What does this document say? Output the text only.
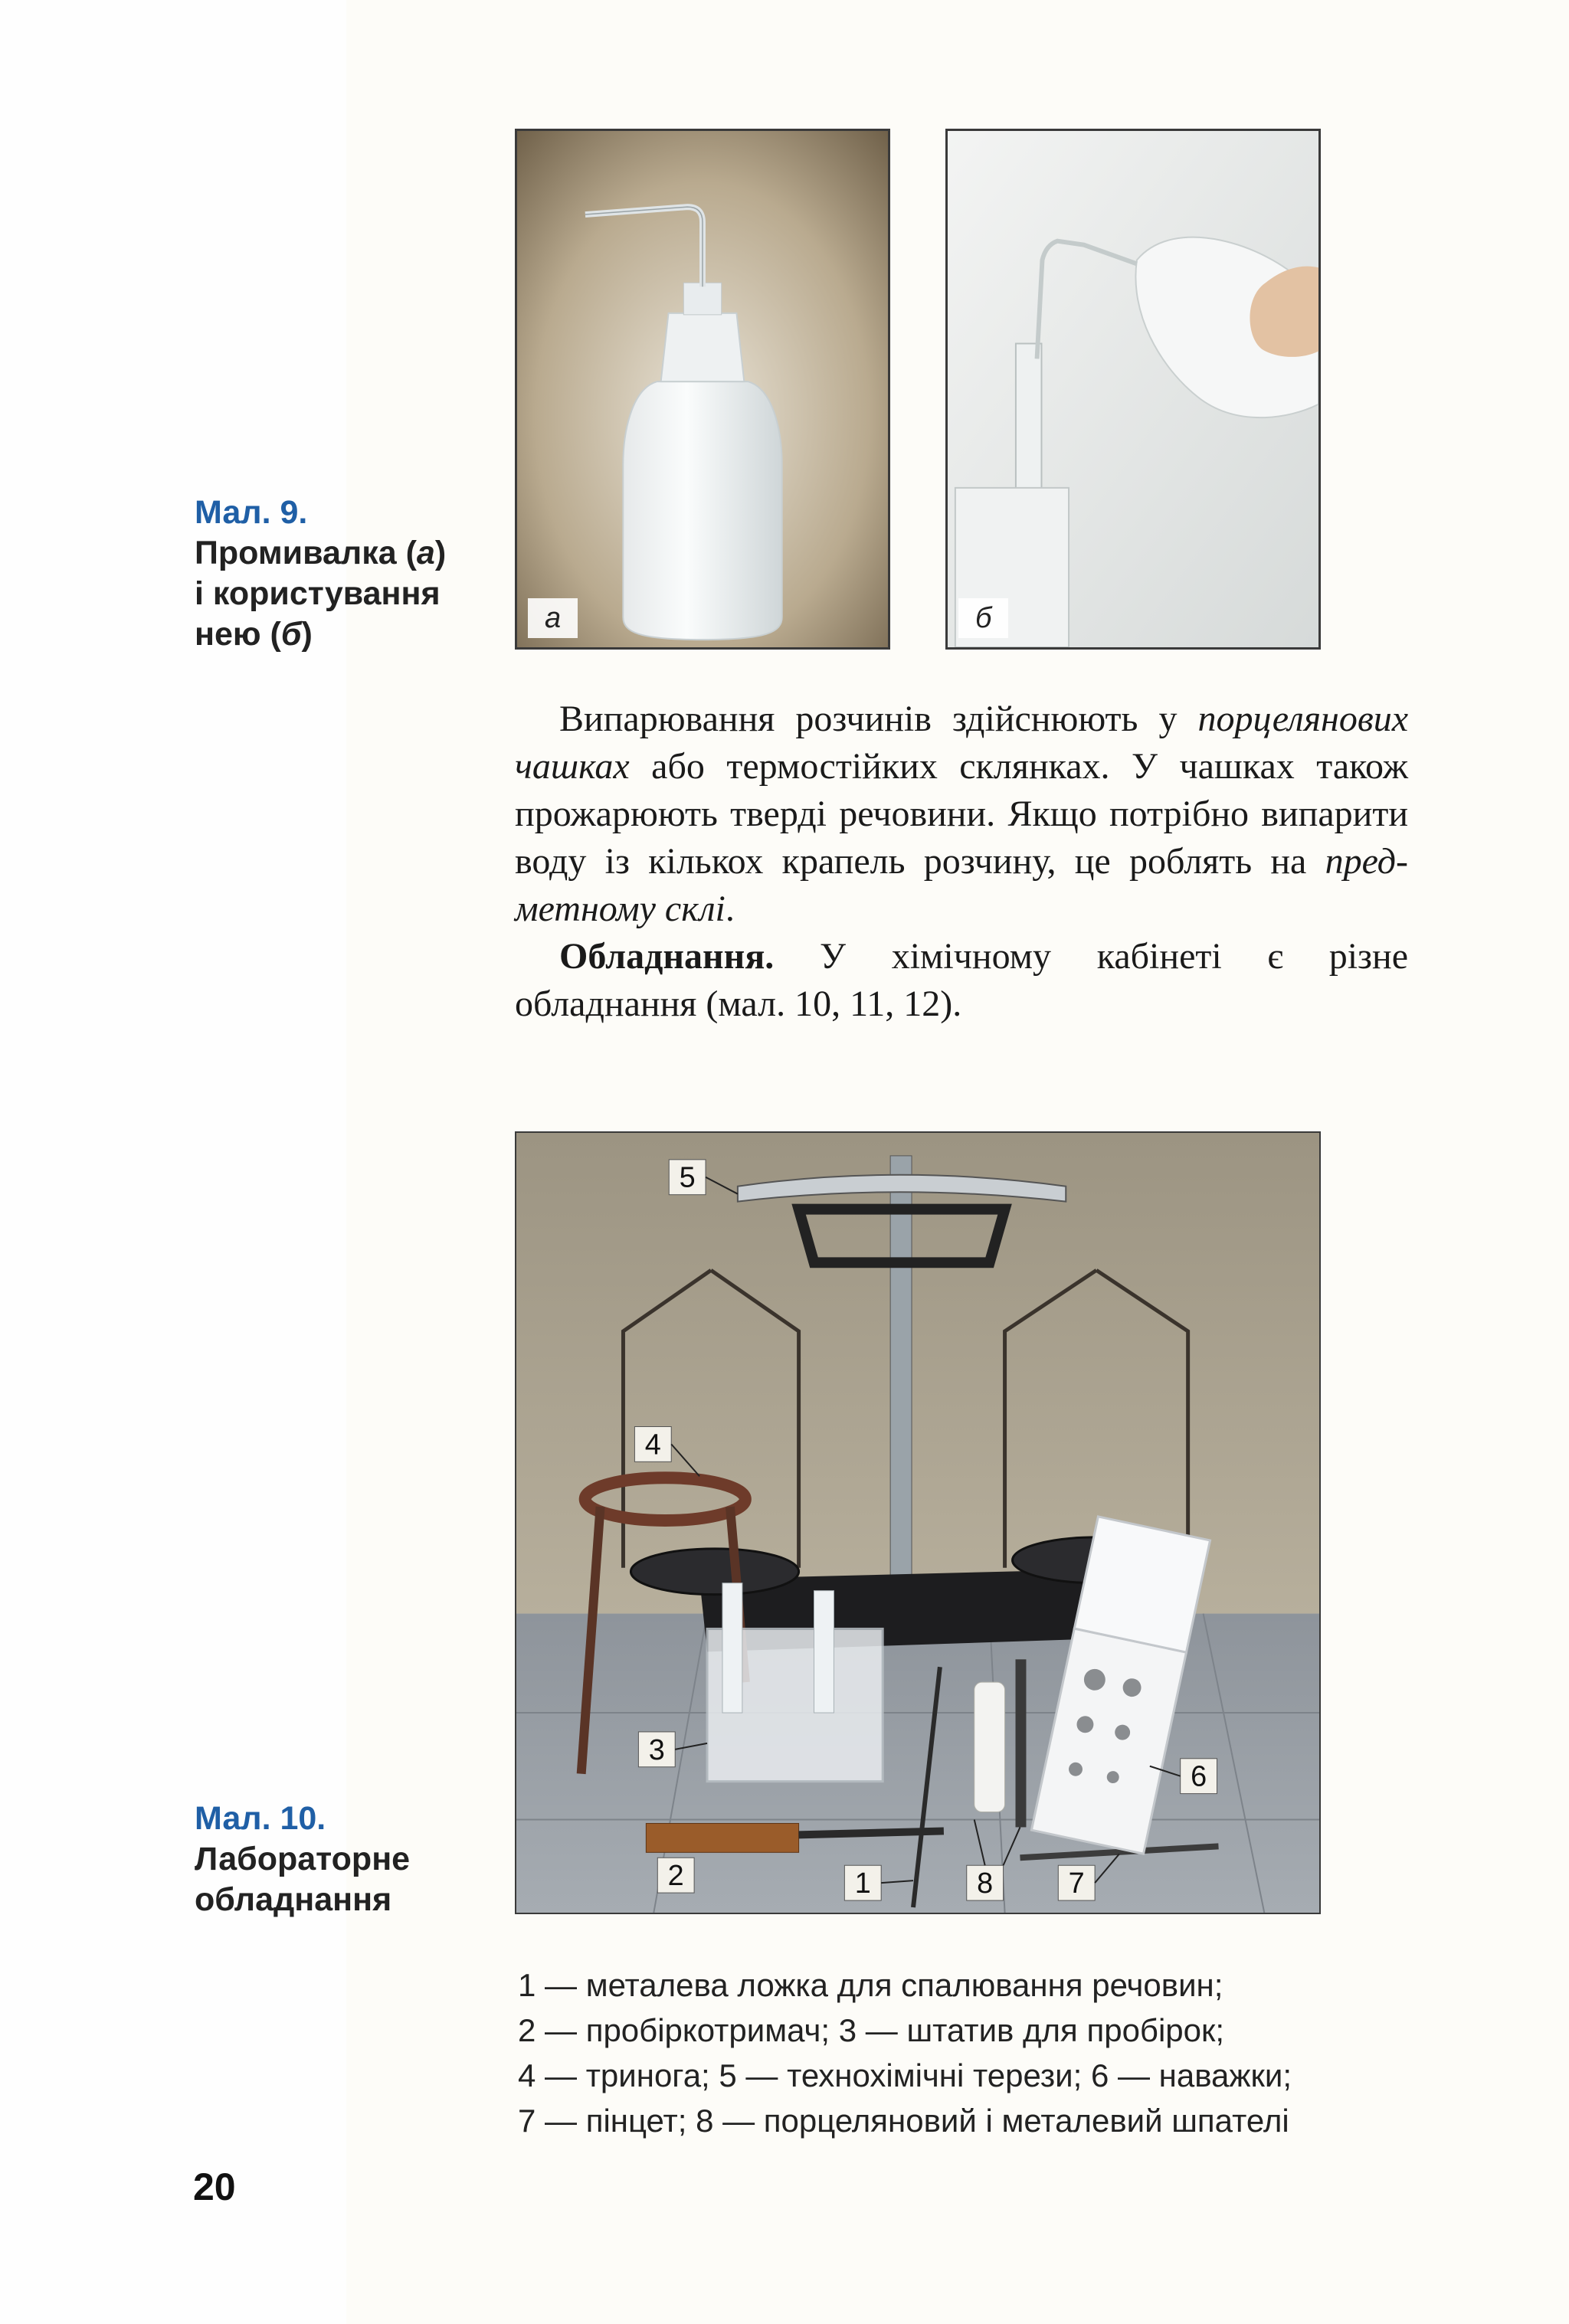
Мал. 9.
Промивалка (а)
і користування
нею (б)	а	б

Випарювання розчинів здійснюють у порцелянових чашках або термостійких склянках. У чашках також прожарюють тверді речовини. Якщо потрібно випарити воду із кількох крапель розчину, це роблять на предметному склі.

Обладнання. У хімічному кабінеті є різне обладнання (мал. 10, 11, 12).

5
4
3
2	1	8	7
6
Мал. 10.
Лабораторне
обладнання
1 — металева ложка для спалювання речовин;
2 — пробіркотримач; 3 — штатив для пробірок;
4 — тринога; 5 — технохімічні терези; 6 — наважки;
7 — пінцет; 8 — порцеляновий і металевий шпателі
20
